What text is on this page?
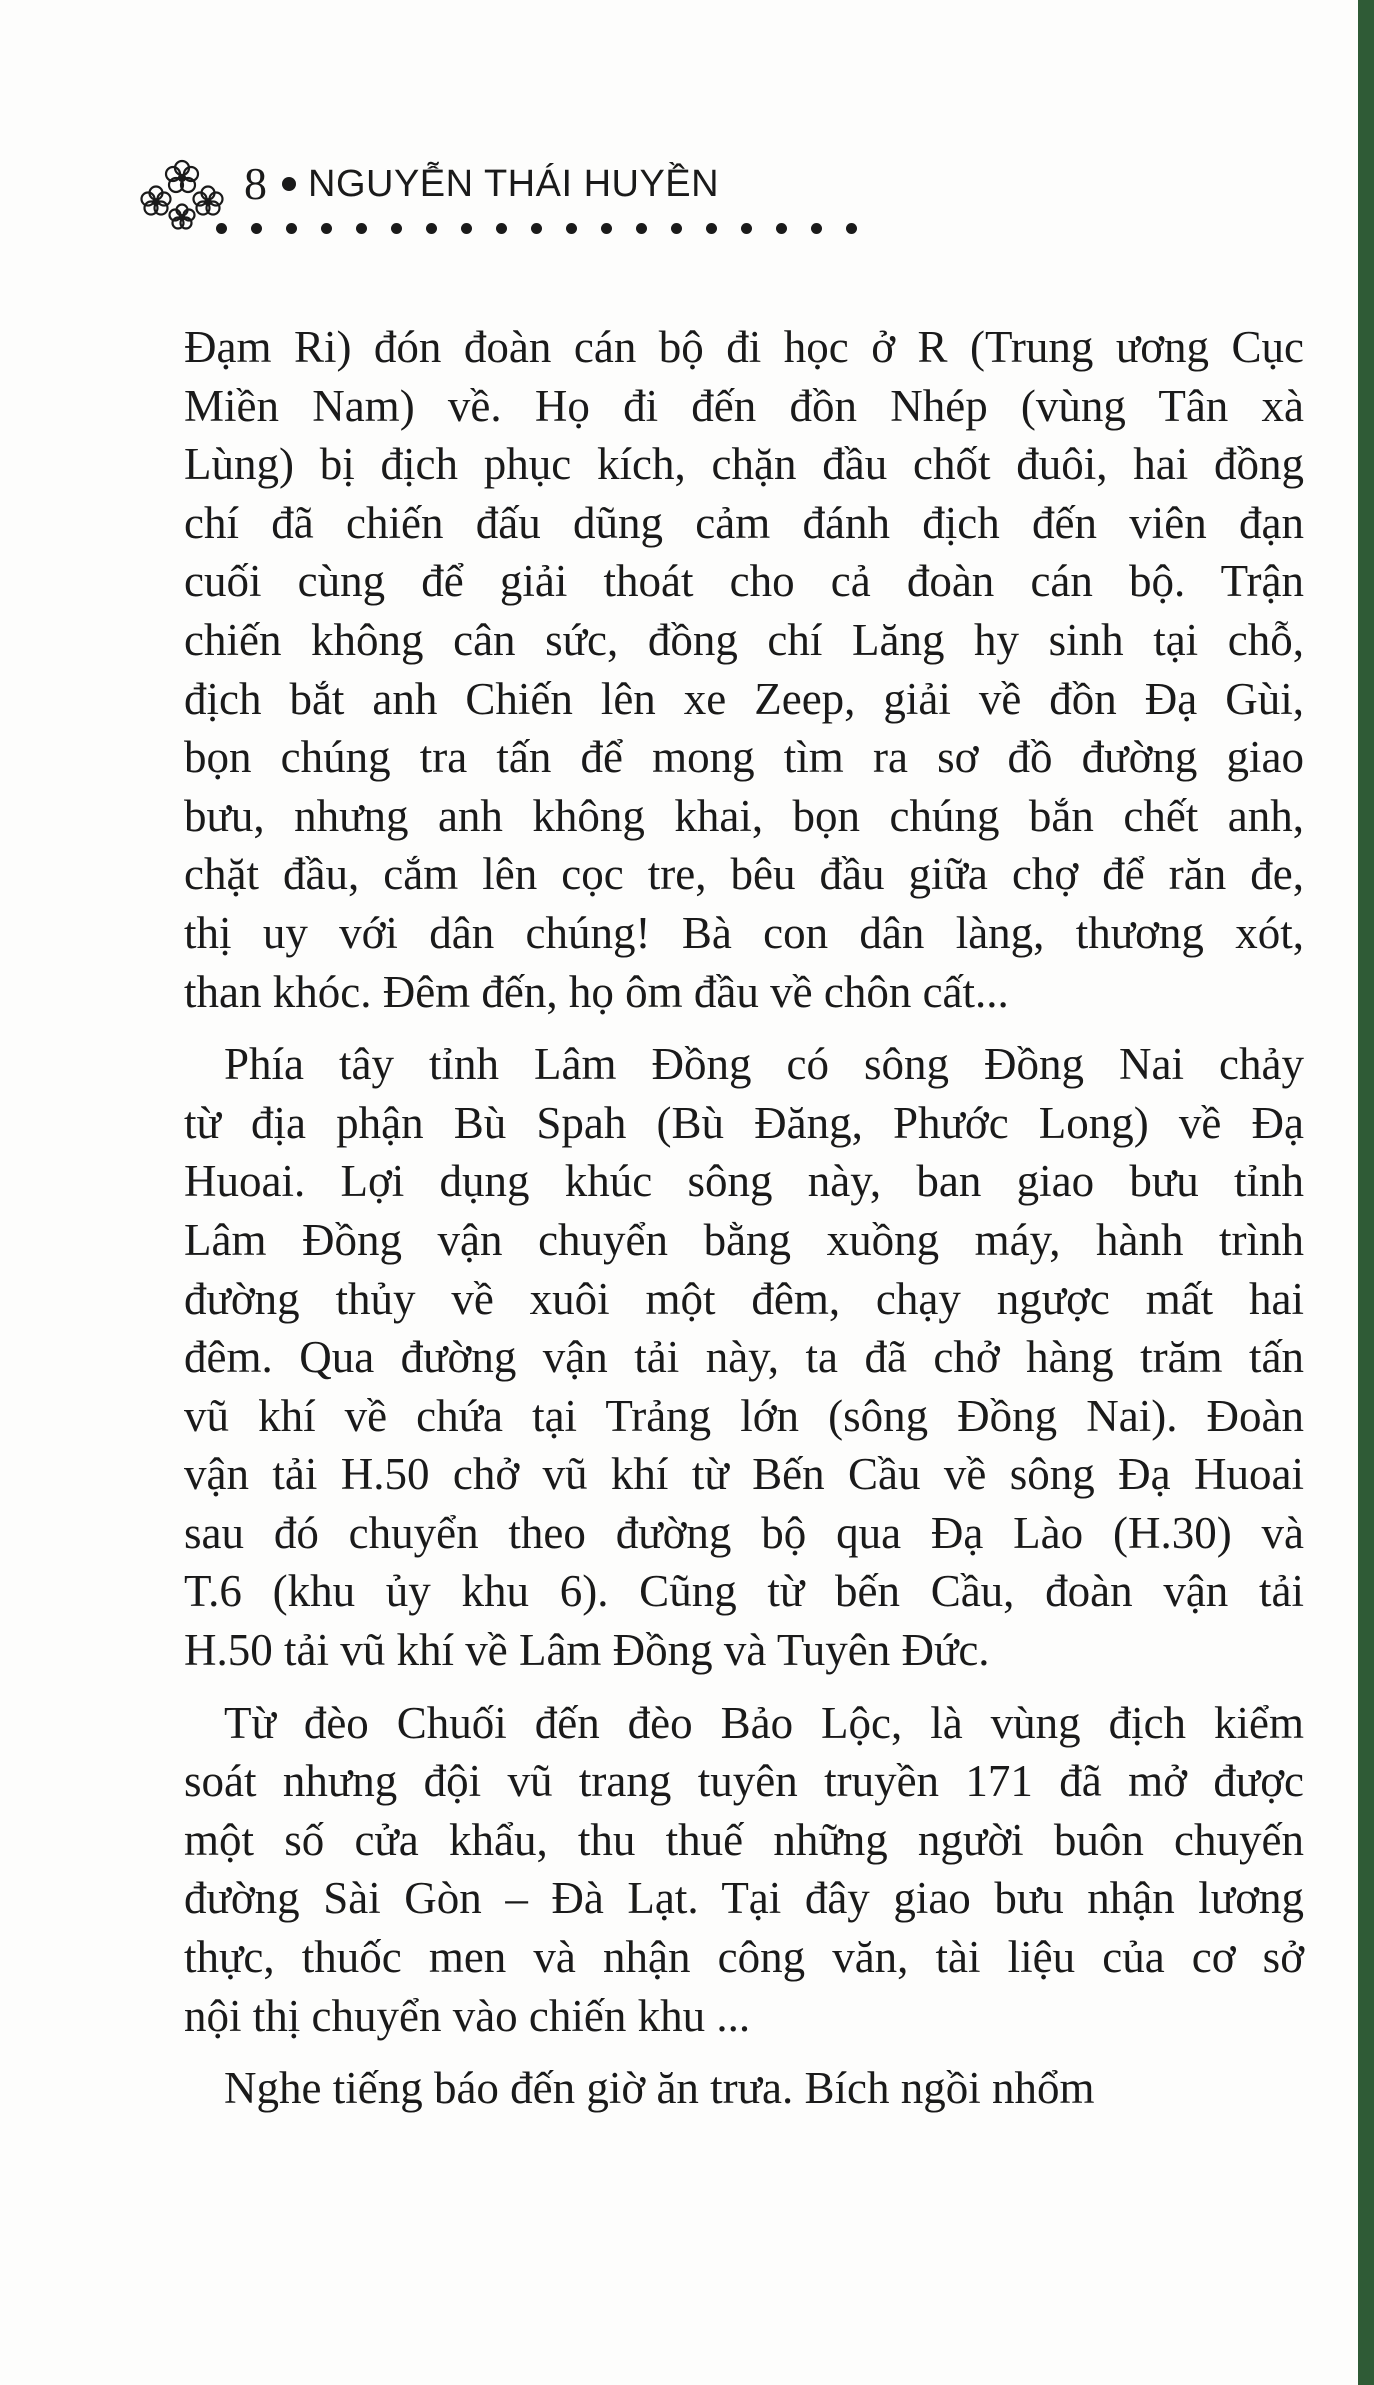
8 NGUYỄN THÁI HUYỀN
Đạm Ri) đón đoàn cán bộ đi học ở R (Trung ương Cục
Miền Nam) về. Họ đi đến đồn Nhép (vùng Tân xà
Lùng) bị địch phục kích, chặn đầu chốt đuôi, hai đồng
chí đã chiến đấu dũng cảm đánh địch đến viên đạn
cuối cùng để giải thoát cho cả đoàn cán bộ. Trận
chiến không cân sức, đồng chí Lăng hy sinh tại chỗ,
địch bắt anh Chiến lên xe Zeep, giải về đồn Đạ Gùi,
bọn chúng tra tấn để mong tìm ra sơ đồ đường giao
bưu, nhưng anh không khai, bọn chúng bắn chết anh,
chặt đầu, cắm lên cọc tre, bêu đầu giữa chợ để răn đe,
thị uy với dân chúng! Bà con dân làng, thương xót,
than khóc. Đêm đến, họ ôm đầu về chôn cất...
Phía tây tỉnh Lâm Đồng có sông Đồng Nai chảy
từ địa phận Bù Spah (Bù Đăng, Phước Long) về Đạ
Huoai. Lợi dụng khúc sông này, ban giao bưu tỉnh
Lâm Đồng vận chuyển bằng xuồng máy, hành trình
đường thủy về xuôi một đêm, chạy ngược mất hai
đêm. Qua đường vận tải này, ta đã chở hàng trăm tấn
vũ khí về chứa tại Trảng lớn (sông Đồng Nai). Đoàn
vận tải H.50 chở vũ khí từ Bến Cầu về sông Đạ Huoai
sau đó chuyển theo đường bộ qua Đạ Lào (H.30) và
T.6 (khu ủy khu 6). Cũng từ bến Cầu, đoàn vận tải
H.50 tải vũ khí về Lâm Đồng và Tuyên Đức.
Từ đèo Chuối đến đèo Bảo Lộc, là vùng địch kiểm
soát nhưng đội vũ trang tuyên truyền 171 đã mở được
một số cửa khẩu, thu thuế những người buôn chuyến
đường Sài Gòn – Đà Lạt. Tại đây giao bưu nhận lương
thực, thuốc men và nhận công văn, tài liệu của cơ sở
nội thị chuyển vào chiến khu ...
Nghe tiếng báo đến giờ ăn trưa. Bích ngồi nhổm
